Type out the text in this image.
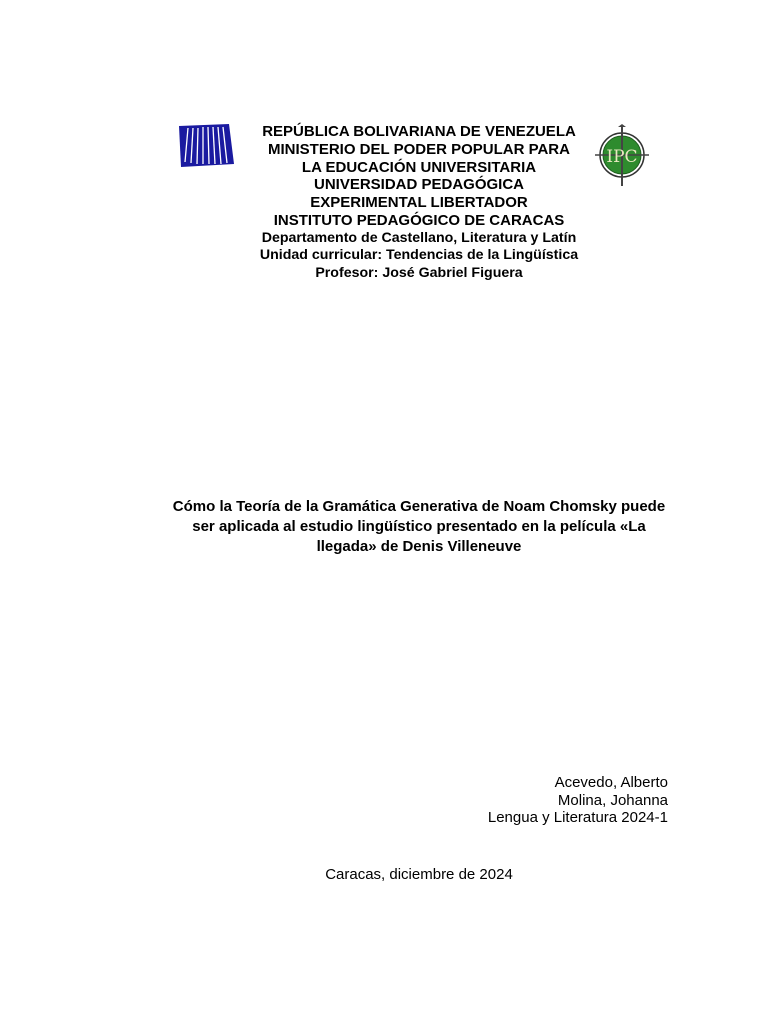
IPC
REPÚBLICA BOLIVARIANA DE VENEZUELA
MINISTERIO DEL PODER POPULAR PARA
LA EDUCACIÓN UNIVERSITARIA
UNIVERSIDAD PEDAGÓGICA
EXPERIMENTAL LIBERTADOR
INSTITUTO PEDAGÓGICO DE CARACAS
Departamento de Castellano, Literatura y Latín
Unidad curricular: Tendencias de la Lingüística
Profesor: José Gabriel Figuera
Cómo la Teoría de la Gramática Generativa de Noam Chomsky puede ser aplicada al estudio lingüístico presentado en la película «La llegada» de Denis Villeneuve
Acevedo, Alberto
Molina, Johanna
Lengua y Literatura 2024-1
Caracas, diciembre de 2024
